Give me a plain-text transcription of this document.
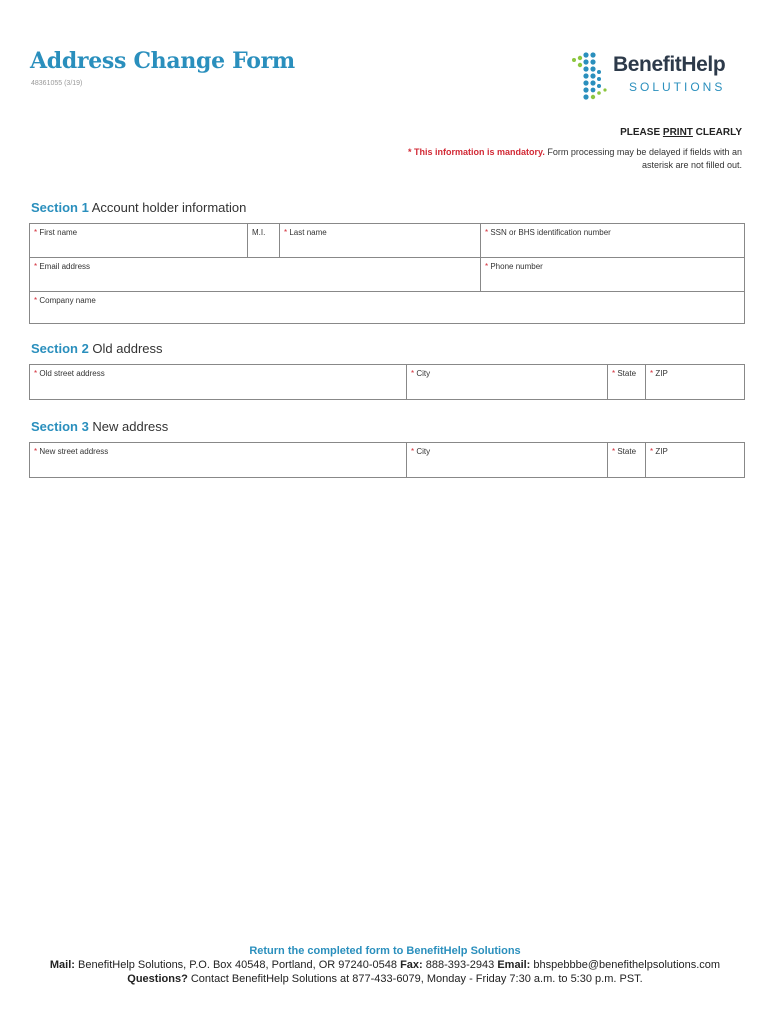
Address Change Form
48361055 (3/19)
BenefitHelp
SOLUTIONS
PLEASE PRINT CLEARLY
* This information is mandatory. Form processing may be delayed if fields with an asterisk are not filled out.
Section 1 Account holder information
* First name	M.I. * Last name	* SSN or BHS identification number
* Email address	* Phone number
* Company name
Section 2 Old address
* Old street address	* City	* State * ZIP
Section 3 New address
* New street address	* City	* State * ZIP
Return the completed form to BenefitHelp Solutions
Mail: BenefitHelp Solutions, P.O. Box 40548, Portland, OR 97240-0548 Fax: 888-393-2943 Email: bhspebbbe@benefithelpsolutions.com
Questions? Contact BenefitHelp Solutions at 877-433-6079, Monday - Friday 7:30 a.m. to 5:30 p.m. PST.
